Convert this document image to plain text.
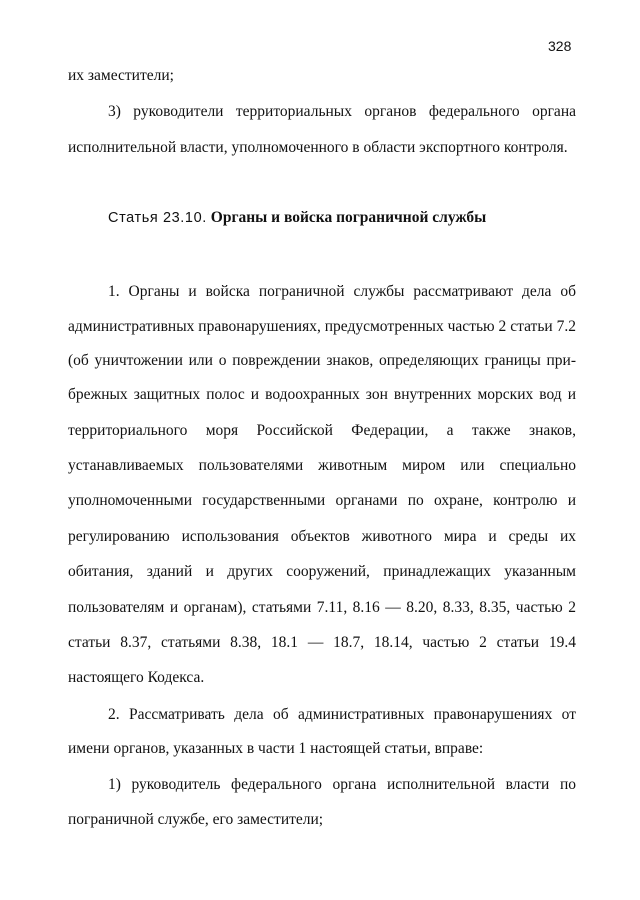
328
их заместители;
3) руководители территориальных органов федерального органа
исполнительной власти, уполномоченного в области экспортного контроля.
Статья 23.10. Органы и войска пограничной службы
1. Органы и войска пограничной службы рассматривают дела об
административных правонарушениях, предусмотренных частью 2 статьи 7.2
(об уничтожении или о повреждении знаков, определяющих границы при-
брежных защитных полос и водоохранных зон внутренних морских вод и
территориального моря Российской Федерации, а также знаков,
устанавливаемых пользователями животным миром или специально
уполномоченными государственными органами по охране, контролю и
регулированию использования объектов животного мира и среды их
обитания, зданий и других сооружений, принадлежащих указанным
пользователям и органам), статьями 7.11, 8.16 — 8.20, 8.33, 8.35, частью 2
статьи 8.37, статьями 8.38, 18.1 — 18.7, 18.14, частью 2 статьи 19.4
настоящего Кодекса.
2. Рассматривать дела об административных правонарушениях от
имени органов, указанных в части 1 настоящей статьи, вправе:
1) руководитель федерального органа исполнительной власти по
пограничной службе, его заместители;
